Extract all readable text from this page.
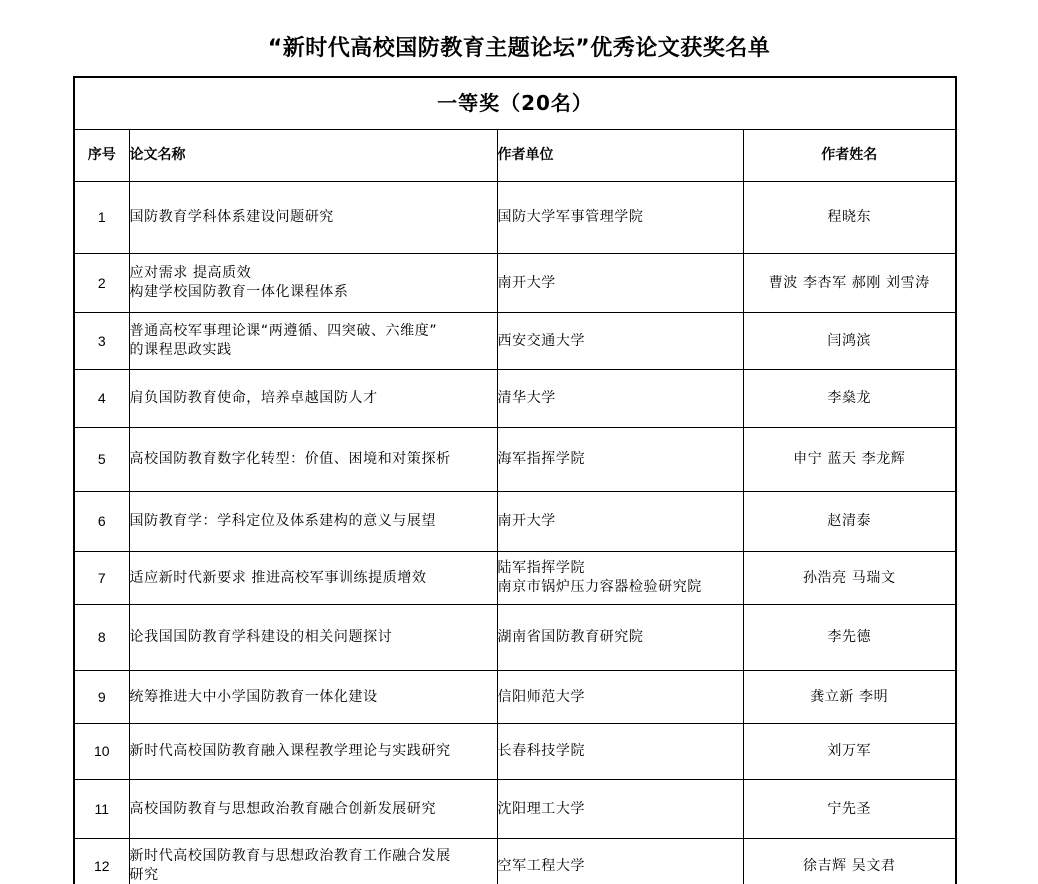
“新时代高校国防教育主题论坛”优秀论文获奖名单
一等奖（20名）			
序号	论文名称	作者单位	作者姓名
1	国防教育学科体系建设问题研究	国防大学军事管理学院	程晓东
2	应对需求 提高质效
构建学校国防教育一体化课程体系	南开大学	曹波 李杏军 郝刚 刘雪涛
3	普通高校军事理论课“两遵循、四突破、六维度”
的课程思政实践	西安交通大学	闫鸿滨
4	肩负国防教育使命，培养卓越国防人才	清华大学	李燊龙
5	高校国防教育数字化转型：价值、困境和对策探析	海军指挥学院	申宁 蓝天 李龙辉
6	国防教育学：学科定位及体系建构的意义与展望	南开大学	赵清泰
7	适应新时代新要求 推进高校军事训练提质增效	陆军指挥学院
南京市锅炉压力容器检验研究院	孙浩亮 马瑞文
8	论我国国防教育学科建设的相关问题探讨	湖南省国防教育研究院	李先德
9	统筹推进大中小学国防教育一体化建设	信阳师范大学	龚立新 李明
10	新时代高校国防教育融入课程教学理论与实践研究	长春科技学院	刘万军
11	高校国防教育与思想政治教育融合创新发展研究	沈阳理工大学	宁先圣
12	新时代高校国防教育与思想政治教育工作融合发展
研究	空军工程大学	徐吉辉 吴文君
